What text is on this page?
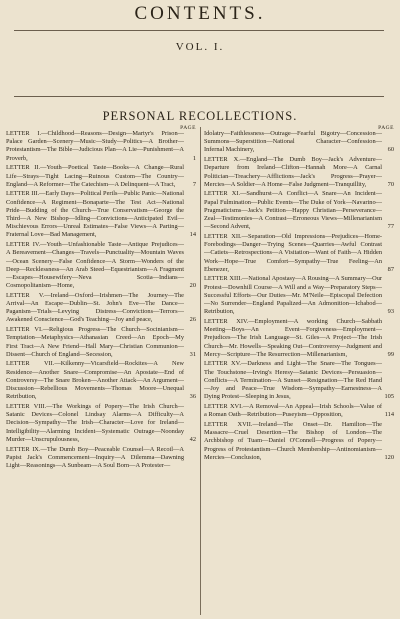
CONTENTS.
VOL. I.
PERSONAL RECOLLECTIONS.
PAGE
LETTER I.—Childhood—Reasons—Design—Martyr's Prison—Palace Garden—Scenery—Music—Study—Politics—A Brother—Protestantism—The Bible—Judicious Plan—A Lie—Punishment—A Proverb,	1
LETTER II.—Youth—Poetical Taste—Books—A Change—Rural Life—Strays—Tight Lacing—Ruinous Custom—The Country—England—A Reformer—The Catechism—A Delinquent—A Tract,	7
LETTER III.—Early Days—Political Perils—Public Panic—National Confidence—A Regiment—Bonaparte—The Test Act—National Pride—Budding of the Church—True Conservatism—George the Third—A New Bishop—Idling—Convictions—Anticipated Evil—Mischievous Errors—Unreal Estimates—False Views—A Parting—Fraternal Love—Bad Management,	14
LETTER IV.—Youth—Unfashionable Taste—Antique Prejudices—A Bereavement—Changes—Travels—Punctuality—Mountain Waves—Ocean Scenery—False Confidence—A Storm—Wonders of the Deep—Recklessness—An Arab Steed—Equestrianism—A Fragment—Escapes—Housewifery—Neva Scotia—Indians—Cosmopolitanism—Home,	20
LETTER V.—Ireland—Oxford—Irishmen—The Journey—The Arrival—An Escape—Dublin—St. John's Eve—The Dance—Paganism—Trials—Levying Distress—Convictions—Terrors—Awakened Conscience—God's Teaching—Joy and peace,	26
LETTER VI.—Religious Progress—The Church—Socinianism—Temptation—Metaphysics—Athanasian Creed—An Epoch—My First Tract—A New Friend—Hall Mary—Christian Communion—Dissent—Church of England—Secession,	31
LETTER VII.—Kilkenny—Vicarsfield—Rockites—A New Residence—Another Snare—Compromise—An Apostate—End of Controversy—The Snare Broken—Another Attack—An Argument—Discussion—Rebellious Movements—Thomas Moore—Unequal Retribution,	36
LETTER VIII.—The Workings of Popery—The Irish Church—Satanic Devices—Colonel Lindsay Alarms—A Difficulty—A Decision—Sympathy—The Irish—Character—Love for Ireland—Intelligibility—Alarming Incident—Systematic Outrage—Noonday Murder—Unscrupulousness,	42
LETTER IX.—The Dumb Boy—Peaceable Counsel—A Recoil—A Papist Jack's Commencement—Inquiry—A Dilemma—Dawning Light—Reasonings—A Sunbeam—A Soul Born—A Protester—
PAGE
Idolatry—Faithlessness—Outrage—Fearful Bigotry—Concession—Summons—Superstition—National Character—Confession—Infernal Machinery,	60
LETTER X.—England—The Dumb Boy—Jack's Adventure—Departure from Ireland—Clifton—Hannah More—A Carnal Politician—Treachery—Afflictions—Jack's Progress—Prayer—Mercies—A Soldier—A Home—False Judgment—Tranquillity,	70
LETTER XI.—Sandhurst—A Conflict—A Snare—An Incident—Papal Fulmination—Public Events—The Duke of York—Navarino—Pragmaticisms—Jack's Petition—Happy Christian—Perseverance—Zeal—Testimonies—A Contrast—Erroneous Views—Millenarianism—Second Advent,	77
LETTER XII.—Separation—Old Impressions—Prejudices—Home-Forebodings—Danger—Trying Scenes—Quarries—Awful Contrast—Catiets—Retrospections—A Visitation—Want of Faith—A Hidden Work—Hope—True Comfort—Sympathy—True Feeling—An Ebenezer,	87
LETTER XIII.—National Apostasy—A Rousing—A Summary—Our Protest—Downhill Course—A Will and a Way—Preparatory Steps—Successful Efforts—Our Duties—Mr. M'Neile—Episcopal Defection—No Surrender—England Papalized—An Admonition—Ichabod—Retribution,	93
LETTER XIV.—Employment—A working Church—Sabbath Meeting—Boys—An Event—Forgiveness—Employment—Prejudices—The Irish Language—St. Giles—A Project—The Irish Church—Mr. Howells—Speaking Out—Controversy—Judgment and Mercy—Scripture—The Resurrection—Millenarianism,	99
LETTER XV.—Darkness and Light—The Snare—The Tongues—The Touchstone—Irving's Heresy—Satanic Devices—Persuasion—Conflicts—A Termination—A Sunset—Resignation—The Red Hand—Joy and Peace—True Wisdom—Sympathy—Earnestness—A Dying Protest—Sleeping in Jesus,	105
LETTER XVI.—A Removal—An Appeal—Irish Schools—Value of a Roman Oath—Retribution—Puseyism—Opposition,	114
LETTER XVII.—Ireland—The Onset—Dr. Hamilton—The Massacre—Cruel Desertion—The Bishop of London—The Archbishop of Tuam—Daniel O'Connell—Progress of Popery—Progress of Protestantism—Church Membership—Antinomianism—Mercies—Conclusion,	120
